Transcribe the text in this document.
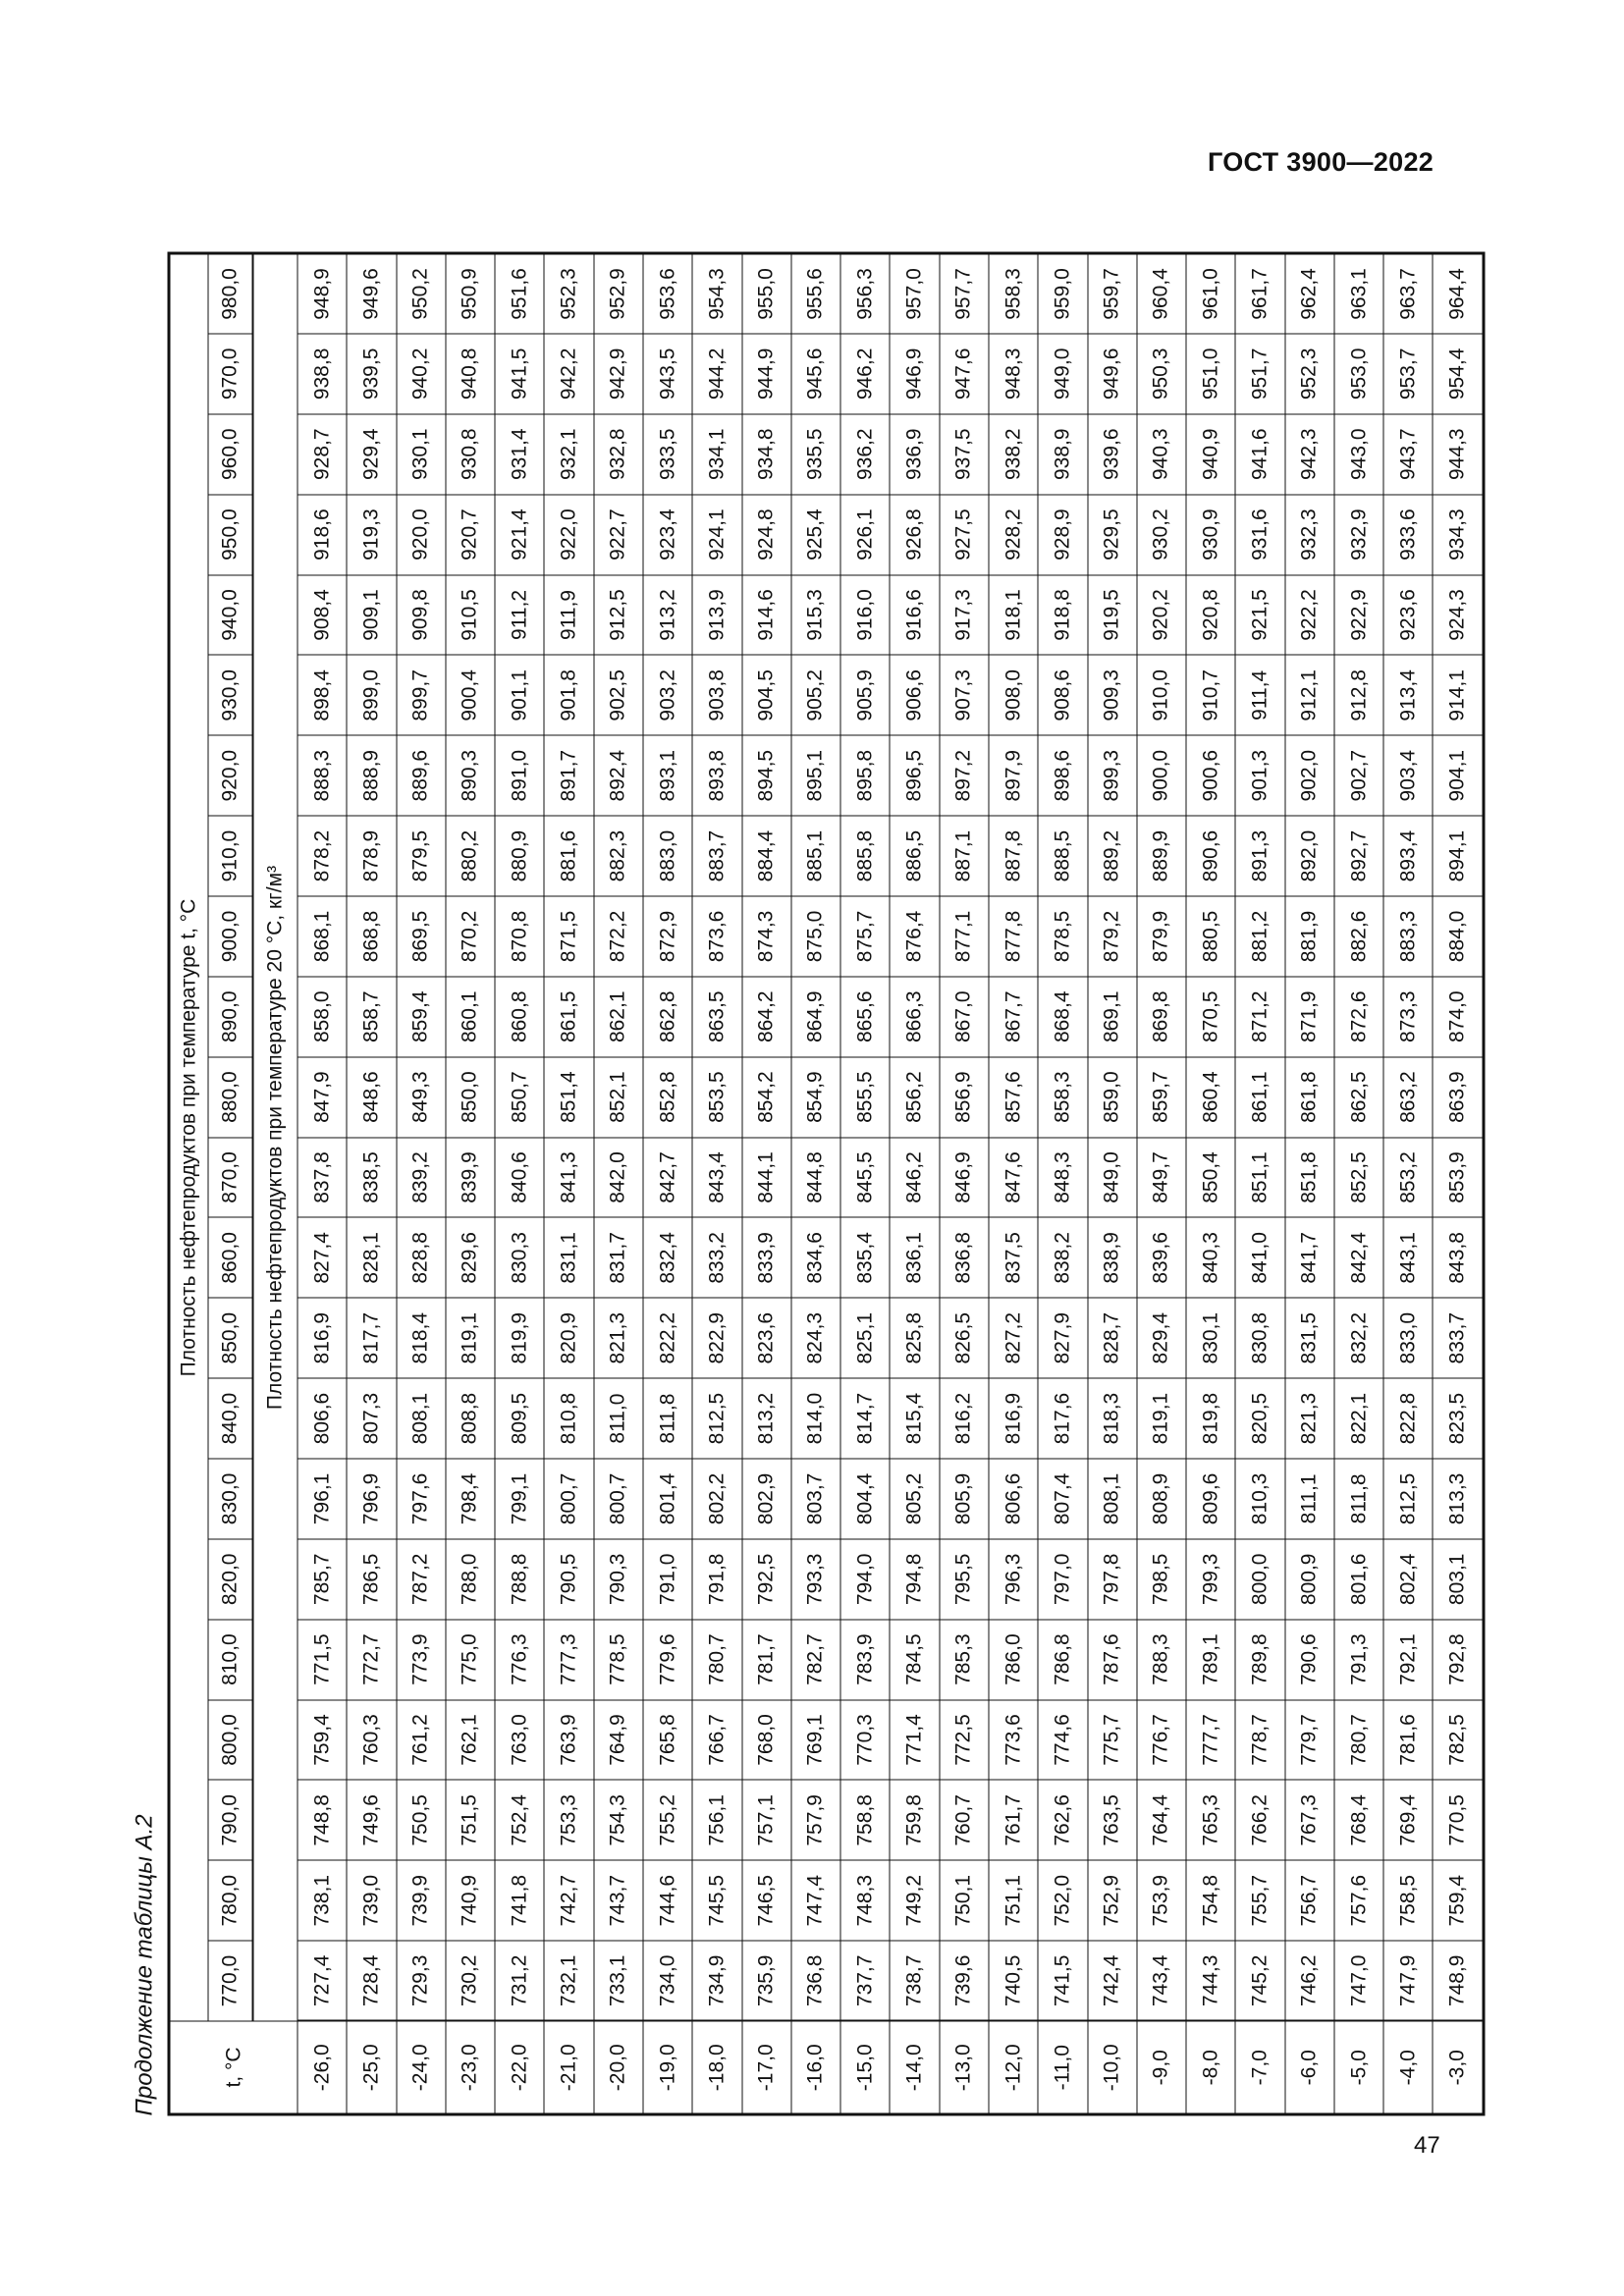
ГОСТ 3900—2022
Продолжение таблицы А.2	t, °C	Плотность нефтепродуктов при температуре t, °C																					
	770,0	780,0	790,0	800,0	810,0	820,0	830,0	840,0	850,0	860,0	870,0	880,0	890,0	900,0	910,0	920,0	930,0	940,0	950,0	960,0	970,0	980,0
	Плотность нефтепродуктов при температуре 20 °C, кг/м³																					
-26,0	727,4	738,1	748,8	759,4	771,5	785,7	796,1	806,6	816,9	827,4	837,8	847,9	858,0	868,1	878,2	888,3	898,4	908,4	918,6	928,7	938,8	948,9
-25,0	728,4	739,0	749,6	760,3	772,7	786,5	796,9	807,3	817,7	828,1	838,5	848,6	858,7	868,8	878,9	888,9	899,0	909,1	919,3	929,4	939,5	949,6
-24,0	729,3	739,9	750,5	761,2	773,9	787,2	797,6	808,1	818,4	828,8	839,2	849,3	859,4	869,5	879,5	889,6	899,7	909,8	920,0	930,1	940,2	950,2
-23,0	730,2	740,9	751,5	762,1	775,0	788,0	798,4	808,8	819,1	829,6	839,9	850,0	860,1	870,2	880,2	890,3	900,4	910,5	920,7	930,8	940,8	950,9
-22,0	731,2	741,8	752,4	763,0	776,3	788,8	799,1	809,5	819,9	830,3	840,6	850,7	860,8	870,8	880,9	891,0	901,1	911,2	921,4	931,4	941,5	951,6
-21,0	732,1	742,7	753,3	763,9	777,3	790,5	800,7	810,8	820,9	831,1	841,3	851,4	861,5	871,5	881,6	891,7	901,8	911,9	922,0	932,1	942,2	952,3
-20,0	733,1	743,7	754,3	764,9	778,5	790,3	800,7	811,0	821,3	831,7	842,0	852,1	862,1	872,2	882,3	892,4	902,5	912,5	922,7	932,8	942,9	952,9
-19,0	734,0	744,6	755,2	765,8	779,6	791,0	801,4	811,8	822,2	832,4	842,7	852,8	862,8	872,9	883,0	893,1	903,2	913,2	923,4	933,5	943,5	953,6
-18,0	734,9	745,5	756,1	766,7	780,7	791,8	802,2	812,5	822,9	833,2	843,4	853,5	863,5	873,6	883,7	893,8	903,8	913,9	924,1	934,1	944,2	954,3
-17,0	735,9	746,5	757,1	768,0	781,7	792,5	802,9	813,2	823,6	833,9	844,1	854,2	864,2	874,3	884,4	894,5	904,5	914,6	924,8	934,8	944,9	955,0
-16,0	736,8	747,4	757,9	769,1	782,7	793,3	803,7	814,0	824,3	834,6	844,8	854,9	864,9	875,0	885,1	895,1	905,2	915,3	925,4	935,5	945,6	955,6
-15,0	737,7	748,3	758,8	770,3	783,9	794,0	804,4	814,7	825,1	835,4	845,5	855,5	865,6	875,7	885,8	895,8	905,9	916,0	926,1	936,2	946,2	956,3
-14,0	738,7	749,2	759,8	771,4	784,5	794,8	805,2	815,4	825,8	836,1	846,2	856,2	866,3	876,4	886,5	896,5	906,6	916,6	926,8	936,9	946,9	957,0
-13,0	739,6	750,1	760,7	772,5	785,3	795,5	805,9	816,2	826,5	836,8	846,9	856,9	867,0	877,1	887,1	897,2	907,3	917,3	927,5	937,5	947,6	957,7
-12,0	740,5	751,1	761,7	773,6	786,0	796,3	806,6	816,9	827,2	837,5	847,6	857,6	867,7	877,8	887,8	897,9	908,0	918,1	928,2	938,2	948,3	958,3
-11,0	741,5	752,0	762,6	774,6	786,8	797,0	807,4	817,6	827,9	838,2	848,3	858,3	868,4	878,5	888,5	898,6	908,6	918,8	928,9	938,9	949,0	959,0
-10,0	742,4	752,9	763,5	775,7	787,6	797,8	808,1	818,3	828,7	838,9	849,0	859,0	869,1	879,2	889,2	899,3	909,3	919,5	929,5	939,6	949,6	959,7
-9,0	743,4	753,9	764,4	776,7	788,3	798,5	808,9	819,1	829,4	839,6	849,7	859,7	869,8	879,9	889,9	900,0	910,0	920,2	930,2	940,3	950,3	960,4
-8,0	744,3	754,8	765,3	777,7	789,1	799,3	809,6	819,8	830,1	840,3	850,4	860,4	870,5	880,5	890,6	900,6	910,7	920,8	930,9	940,9	951,0	961,0
-7,0	745,2	755,7	766,2	778,7	789,8	800,0	810,3	820,5	830,8	841,0	851,1	861,1	871,2	881,2	891,3	901,3	911,4	921,5	931,6	941,6	951,7	961,7
-6,0	746,2	756,7	767,3	779,7	790,6	800,9	811,1	821,3	831,5	841,7	851,8	861,8	871,9	881,9	892,0	902,0	912,1	922,2	932,3	942,3	952,3	962,4
-5,0	747,0	757,6	768,4	780,7	791,3	801,6	811,8	822,1	832,2	842,4	852,5	862,5	872,6	882,6	892,7	902,7	912,8	922,9	932,9	943,0	953,0	963,1
-4,0	747,9	758,5	769,4	781,6	792,1	802,4	812,5	822,8	833,0	843,1	853,2	863,2	873,3	883,3	893,4	903,4	913,4	923,6	933,6	943,7	953,7	963,7
-3,0	748,9	759,4	770,5	782,5	792,8	803,1	813,3	823,5	833,7	843,8	853,9	863,9	874,0	884,0	894,1	904,1	914,1	924,3	934,3	944,3	954,4	964,4
47
